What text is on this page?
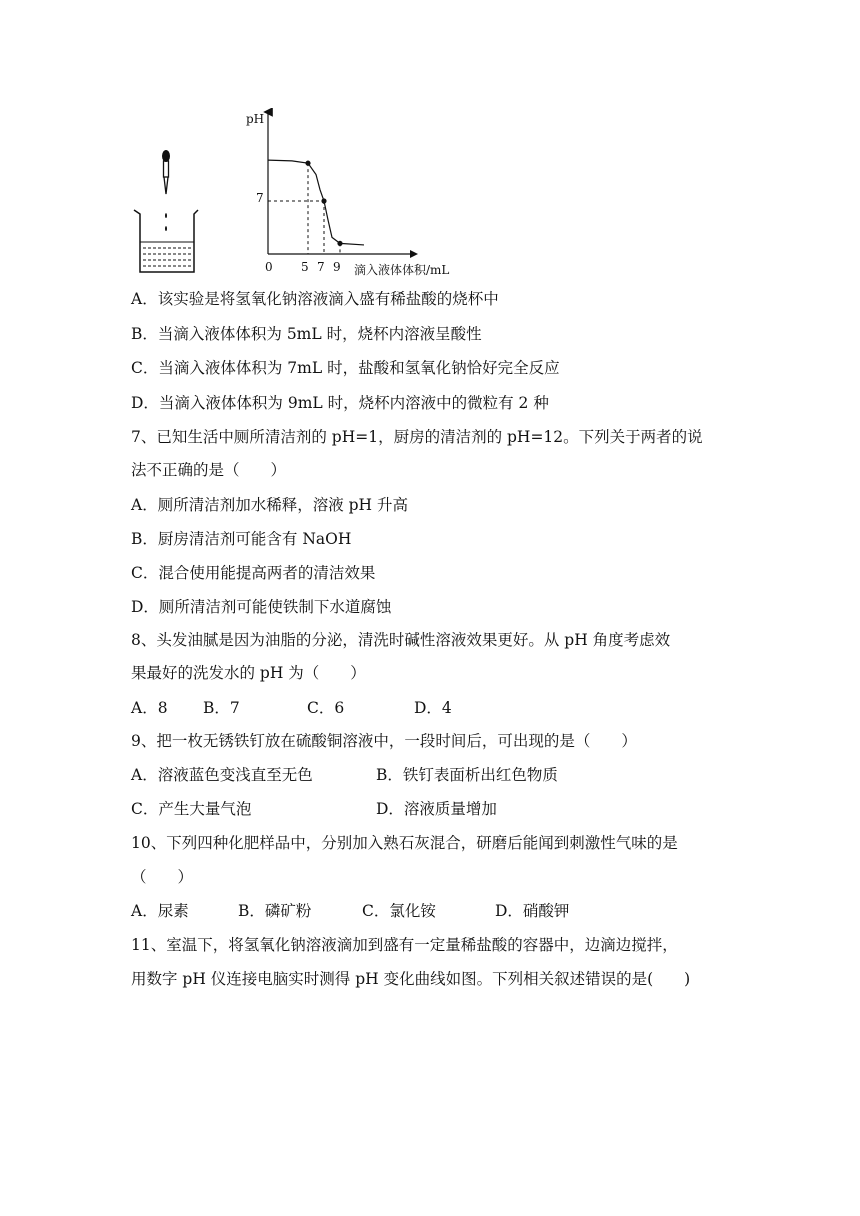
pH
7
0 5 7 9 滴入液体体积/mL
A．该实验是将氢氧化钠溶液滴入盛有稀盐酸的烧杯中
B．当滴入液体体积为 5mL 时，烧杯内溶液呈酸性
C．当滴入液体体积为 7mL 时，盐酸和氢氧化钠恰好完全反应
D．当滴入液体体积为 9mL 时，烧杯内溶液中的微粒有 2 种
7、已知生活中厕所清洁剂的 pH=1，厨房的清洁剂的 pH=12。下列关于两者的说
法不正确的是（　　）
A．厕所清洁剂加水稀释，溶液 pH 升高
B．厨房清洁剂可能含有 NaOH
C．混合使用能提高两者的清洁效果
D．厕所清洁剂可能使铁制下水道腐蚀
8、头发油腻是因为油脂的分泌，清洗时碱性溶液效果更好。从 pH 角度考虑效
果最好的洗发水的 pH 为（　　）
A．8 B．7	C．6	D．4
9、把一枚无锈铁钉放在硫酸铜溶液中，一段时间后，可出现的是（　　）
A．溶液蓝色变浅直至无色	B．铁钉表面析出红色物质
C．产生大量气泡	D．溶液质量增加
10、下列四种化肥样品中，分别加入熟石灰混合，研磨后能闻到刺激性气味的是
（　　）
A．尿素	B．磷矿粉	C．氯化铵	D．硝酸钾
11、室温下，将氢氧化钠溶液滴加到盛有一定量稀盐酸的容器中，边滴边搅拌，
用数字 pH 仪连接电脑实时测得 pH 变化曲线如图。下列相关叙述错误的是(　　)
